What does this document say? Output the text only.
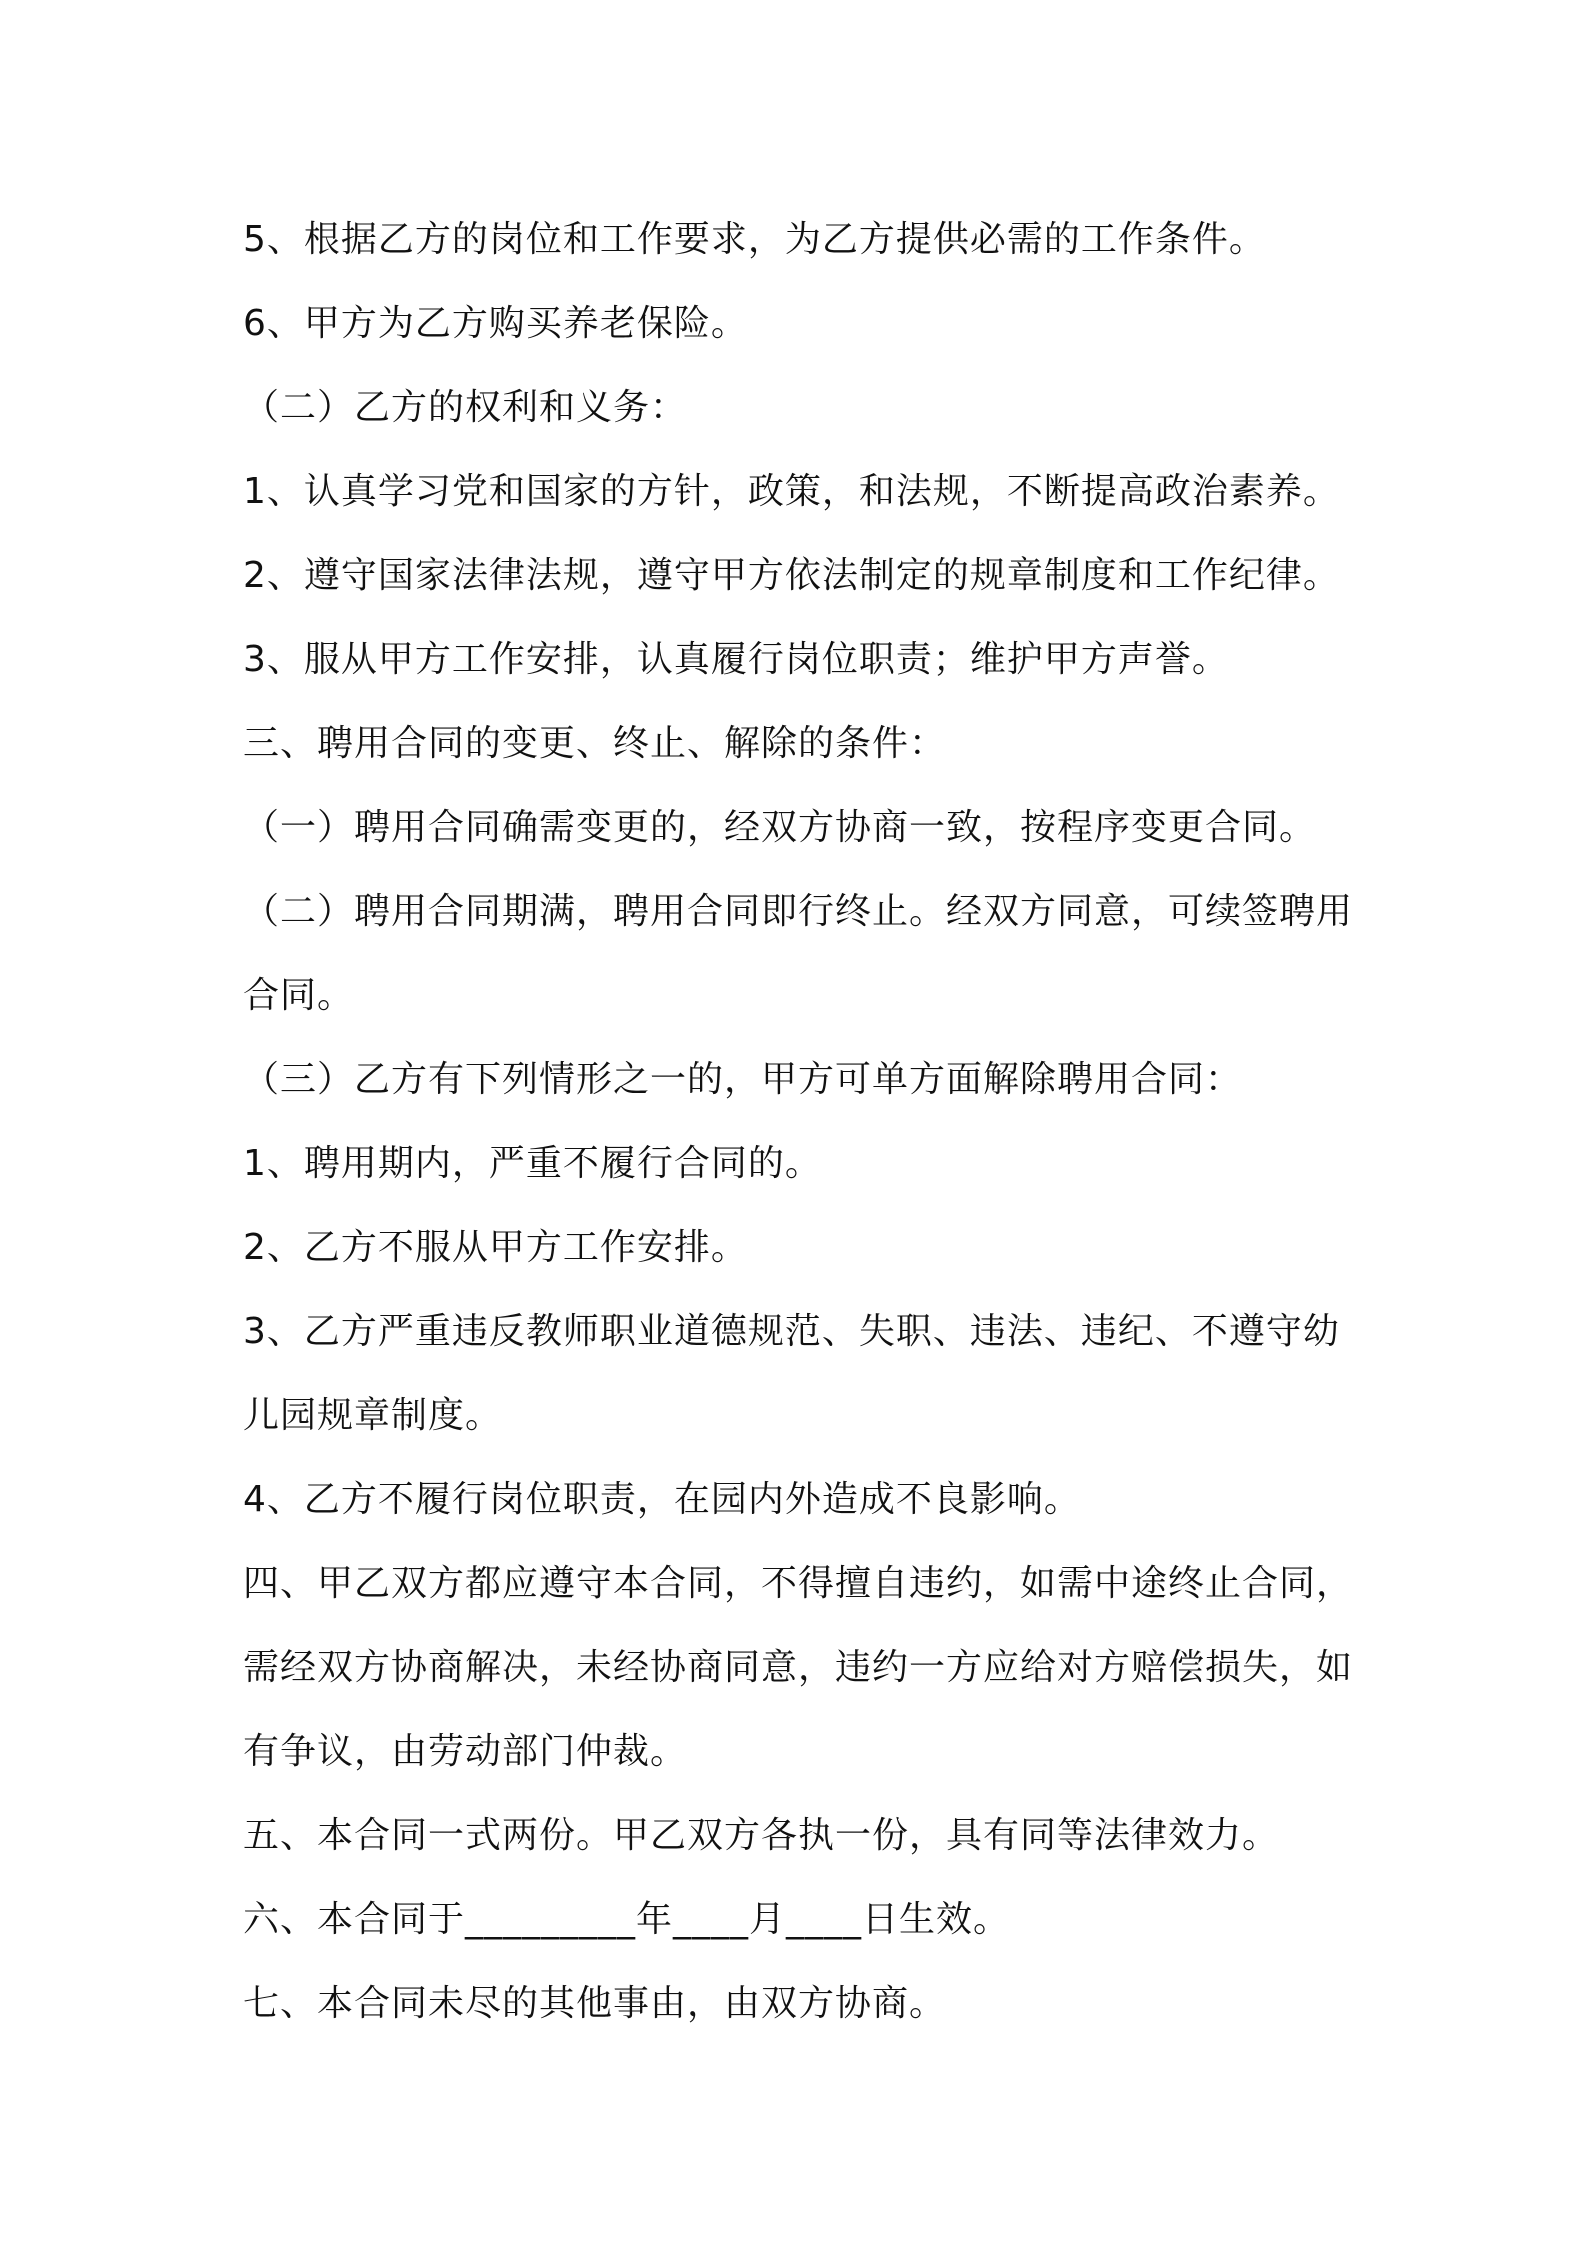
5、根据乙方的岗位和工作要求，为乙方提供必需的工作条件。

6、甲方为乙方购买养老保险。

（二）乙方的权利和义务：

1、认真学习党和国家的方针，政策，和法规，不断提高政治素养。

2、遵守国家法律法规，遵守甲方依法制定的规章制度和工作纪律。

3、服从甲方工作安排，认真履行岗位职责；维护甲方声誉。

三、聘用合同的变更、终止、解除的条件：

（一）聘用合同确需变更的，经双方协商一致，按程序变更合同。

（二）聘用合同期满，聘用合同即行终止。经双方同意，可续签聘用

合同。

（三）乙方有下列情形之一的，甲方可单方面解除聘用合同：

1、聘用期内，严重不履行合同的。

2、乙方不服从甲方工作安排。

3、乙方严重违反教师职业道德规范、失职、违法、违纪、不遵守幼

儿园规章制度。

4、乙方不履行岗位职责，在园内外造成不良影响。

四、甲乙双方都应遵守本合同，不得擅自违约，如需中途终止合同，

需经双方协商解决，未经协商同意，违约一方应给对方赔偿损失，如

有争议，由劳动部门仲裁。

五、本合同一式两份。甲乙双方各执一份，具有同等法律效力。

六、本合同于_________年____月____日生效。

七、本合同未尽的其他事由，由双方协商。
